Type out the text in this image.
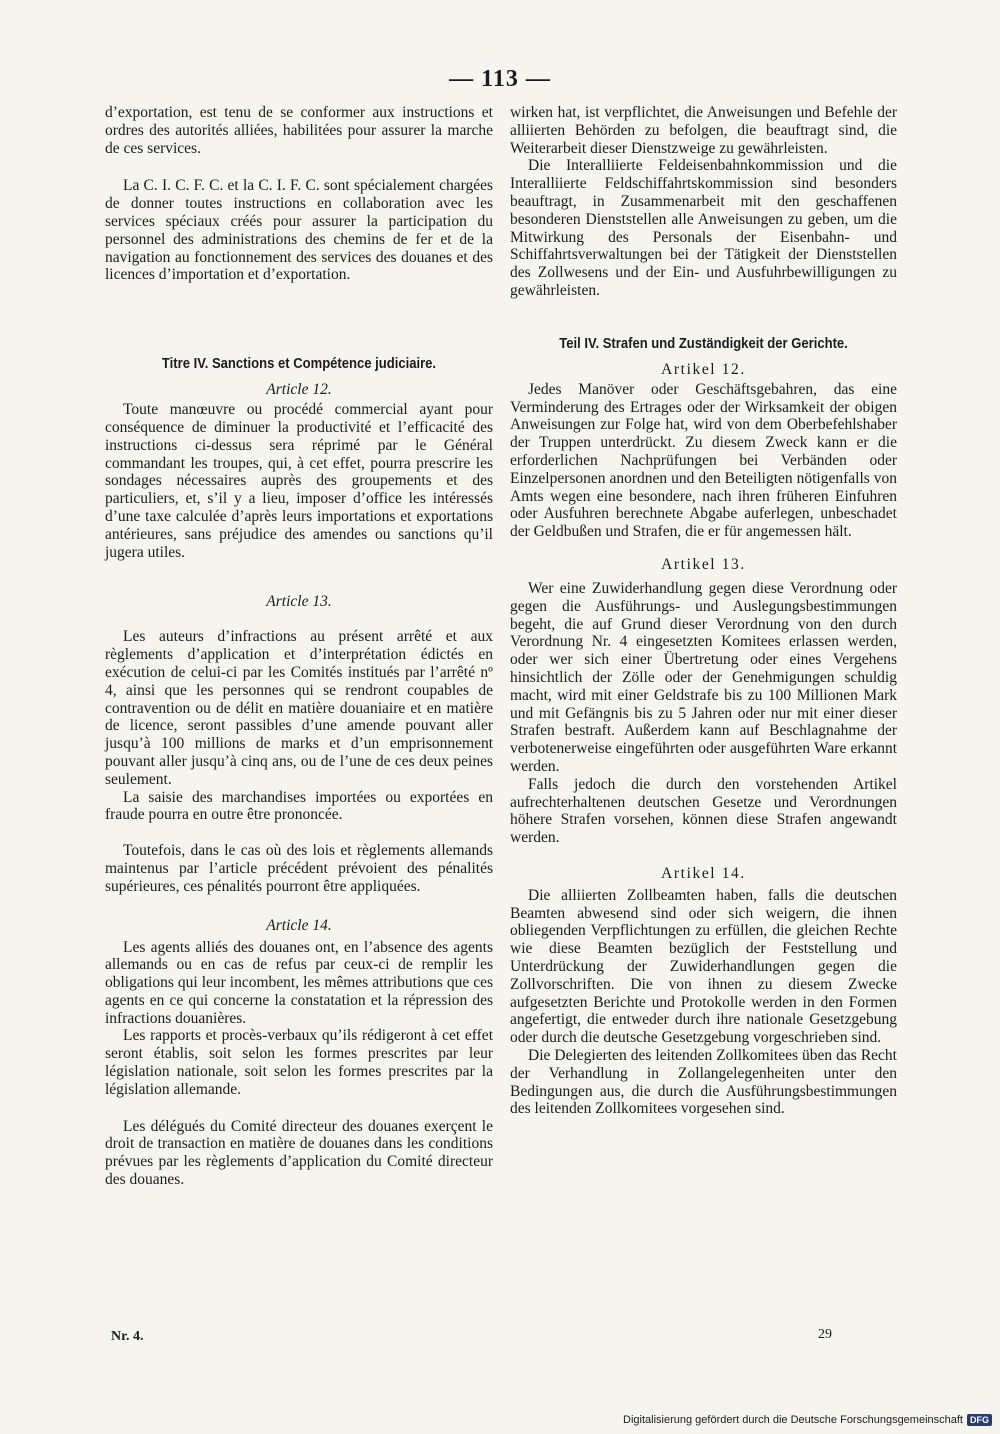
— 113 —

d’exportation, est tenu de se conformer aux instructions et ordres des autorités alliées, habilitées pour assurer la marche de ces services.

La C. I. C. F. C. et la C. I. F. C. sont spécialement chargées de donner toutes instructions en collaboration avec les services spéciaux créés pour assurer la participation du personnel des administrations des chemins de fer et de la navigation au fonctionnement des services des douanes et des licences d’importation et d’exportation.

Titre IV. Sanctions et Compétence judiciaire.
Article 12.

Toute manœuvre ou procédé commercial ayant pour conséquence de diminuer la productivité et l’efficacité des instructions ci-dessus sera réprimé par le Général commandant les troupes, qui, à cet effet, pourra prescrire les sondages nécessaires auprès des groupements et des particuliers, et, s’il y a lieu, imposer d’office les intéressés d’une taxe calculée d’après leurs importations et exportations antérieures, sans préjudice des amendes ou sanctions qu’il jugera utiles.

Article 13.

Les auteurs d’infractions au présent arrêté et aux règlements d’application et d’interprétation édictés en exécution de celui-ci par les Comités institués par l’arrêté nº 4, ainsi que les personnes qui se rendront coupables de contravention ou de délit en matière douaniaire et en matière de licence, seront passibles d’une amende pouvant aller jusqu’à 100 millions de marks et d’un emprisonnement pouvant aller jusqu’à cinq ans, ou de l’une de ces deux peines seulement.

La saisie des marchandises importées ou exportées en fraude pourra en outre être prononcée.

Toutefois, dans le cas où des lois et règlements allemands maintenus par l’article précédent prévoient des pénalités supérieures, ces pénalités pourront être appliquées.

Article 14.

Les agents alliés des douanes ont, en l’absence des agents allemands ou en cas de refus par ceux-ci de remplir les obligations qui leur incombent, les mêmes attributions que ces agents en ce qui concerne la constatation et la répression des infractions douanières.

Les rapports et procès-verbaux qu’ils rédigeront à cet effet seront établis, soit selon les formes prescrites par leur législation nationale, soit selon les formes prescrites par la législation allemande.

Les délégués du Comité directeur des douanes exerçent le droit de transaction en matière de douanes dans les conditions prévues par les règlements d’application du Comité directeur des douanes.

wirken hat, ist verpflichtet, die Anweisungen und Befehle der alliierten Behörden zu befolgen, die beauftragt sind, die Weiterarbeit dieser Dienstzweige zu gewährleisten.

Die Interalliierte Feldeisenbahnkommission und die Interalliierte Feldschiffahrtskommission sind besonders beauftragt, in Zusammenarbeit mit den geschaffenen besonderen Dienststellen alle Anweisungen zu geben, um die Mitwirkung des Personals der Eisenbahn- und Schiffahrtsverwaltungen bei der Tätigkeit der Dienststellen des Zollwesens und der Ein- und Ausfuhrbewilligungen zu gewährleisten.

Teil IV. Strafen und Zuständigkeit der Gerichte.
Artikel 12.

Jedes Manöver oder Geschäftsgebahren, das eine Verminderung des Ertrages oder der Wirksamkeit der obigen Anweisungen zur Folge hat, wird von dem Oberbefehlshaber der Truppen unterdrückt. Zu diesem Zweck kann er die erforderlichen Nachprüfungen bei Verbänden oder Einzelpersonen anordnen und den Beteiligten nötigenfalls von Amts wegen eine besondere, nach ihren früheren Einfuhren oder Ausfuhren berechnete Abgabe auferlegen, unbeschadet der Geldbußen und Strafen, die er für angemessen hält.

Artikel 13.

Wer eine Zuwiderhandlung gegen diese Verordnung oder gegen die Ausführungs- und Auslegungsbestimmungen begeht, die auf Grund dieser Verordnung von den durch Verordnung Nr. 4 eingesetzten Komitees erlassen werden, oder wer sich einer Übertretung oder eines Vergehens hinsichtlich der Zölle oder der Genehmigungen schuldig macht, wird mit einer Geldstrafe bis zu 100 Millionen Mark und mit Gefängnis bis zu 5 Jahren oder nur mit einer dieser Strafen bestraft. Außerdem kann auf Beschlagnahme der verbotenerweise eingeführten oder ausgeführten Ware erkannt werden.

Falls jedoch die durch den vorstehenden Artikel aufrechterhaltenen deutschen Gesetze und Verordnungen höhere Strafen vorsehen, können diese Strafen angewandt werden.

Artikel 14.

Die alliierten Zollbeamten haben, falls die deutschen Beamten abwesend sind oder sich weigern, die ihnen obliegenden Verpflichtungen zu erfüllen, die gleichen Rechte wie diese Beamten bezüglich der Feststellung und Unterdrückung der Zuwiderhandlungen gegen die Zollvorschriften. Die von ihnen zu diesem Zwecke aufgesetzten Berichte und Protokolle werden in den Formen angefertigt, die entweder durch ihre nationale Gesetzgebung oder durch die deutsche Gesetzgebung vorgeschrieben sind.

Die Delegierten des leitenden Zollkomitees üben das Recht der Verhandlung in Zollangelegenheiten unter den Bedingungen aus, die durch die Ausführungsbestimmungen des leitenden Zollkomitees vorgesehen sind.

Nr. 4.	29
Digitalisierung gefördert durch die Deutsche Forschungsgemeinschaft DFG
